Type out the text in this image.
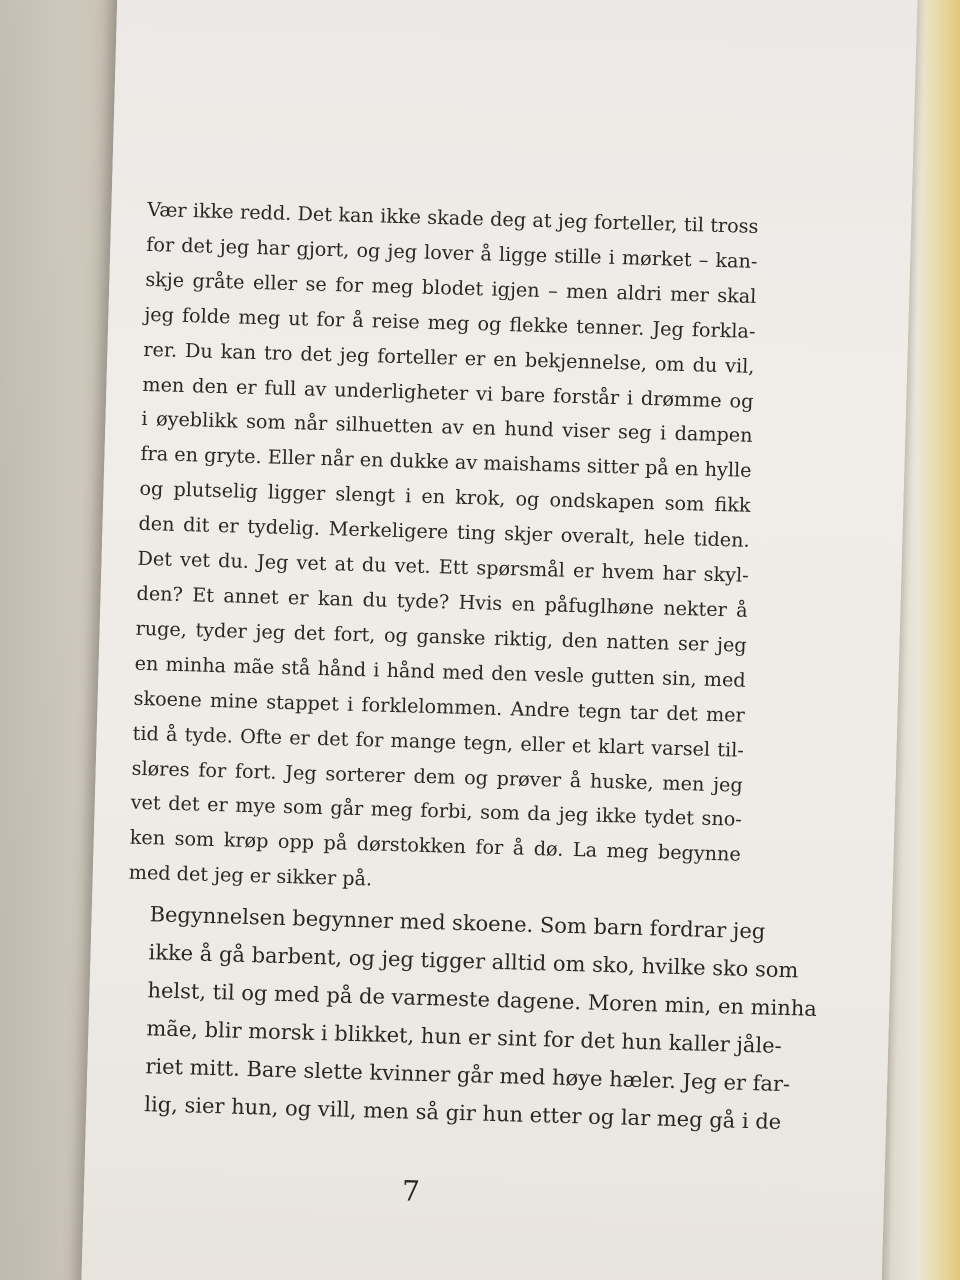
Vær ikke redd. Det kan ikke skade deg at jeg forteller, til tross
for det jeg har gjort, og jeg lover å ligge stille i mørket – kan-
skje gråte eller se for meg blodet igjen – men aldri mer skal
jeg folde meg ut for å reise meg og flekke tenner. Jeg forkla-
rer. Du kan tro det jeg forteller er en bekjennelse, om du vil,
men den er full av underligheter vi bare forstår i drømme og
i øyeblikk som når silhuetten av en hund viser seg i dampen
fra en gryte. Eller når en dukke av maishams sitter på en hylle
og plutselig ligger slengt i en krok, og ondskapen som fikk
den dit er tydelig. Merkeligere ting skjer overalt, hele tiden.
Det vet du. Jeg vet at du vet. Ett spørsmål er hvem har skyl-
den? Et annet er kan du tyde? Hvis en påfuglhøne nekter å
ruge, tyder jeg det fort, og ganske riktig, den natten ser jeg
en minha mãe stå hånd i hånd med den vesle gutten sin, med
skoene mine stappet i forklelommen. Andre tegn tar det mer
tid å tyde. Ofte er det for mange tegn, eller et klart varsel til-
sløres for fort. Jeg sorterer dem og prøver å huske, men jeg
vet det er mye som går meg forbi, som da jeg ikke tydet sno-
ken som krøp opp på dørstokken for å dø. La meg begynne
med det jeg er sikker på.

Begynnelsen begynner med skoene. Som barn fordrar jeg
ikke å gå barbent, og jeg tigger alltid om sko, hvilke sko som
helst, til og med på de varmeste dagene. Moren min, en minha
mãe, blir morsk i blikket, hun er sint for det hun kaller jåle-
riet mitt. Bare slette kvinner går med høye hæler. Jeg er far-
lig, sier hun, og vill, men så gir hun etter og lar meg gå i de

7
